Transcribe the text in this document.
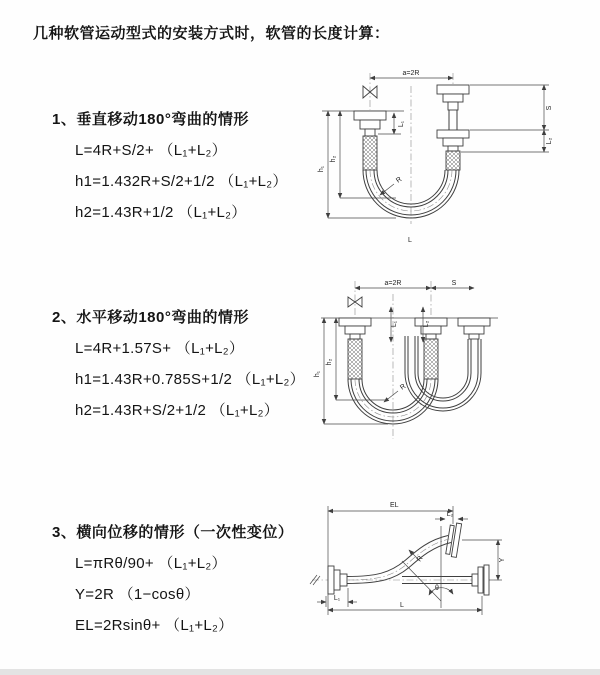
几种软管运动型式的安装方式时，软管的长度计算：
1、垂直移动180°弯曲的情形
L=4R+S/2+ （L₁+L₂）
h1=1.432R+S/2+1/2 （L₁+L₂）
h2=1.43R+1/2 （L₁+L₂）
2、水平移动180°弯曲的情形
L=4R+1.57S+ （L₁+L₂）
h1=1.43R+0.785S+1/2 （L₁+L₂）
h2=1.43R+S/2+1/2 （L₁+L₂）
3、横向位移的情形（一次性变位）
L=πRθ/90+ （L₁+L₂）
Y=2R （1−cosθ）
EL=2Rsinθ+ （L₁+L₂）
a=2R
L₁
S
L₂
h₁
h₂
R
L
a=2R	S
L₁	L₂
h₁
h₂
R
EL
L₂
Y
θ
R
L
L₁
